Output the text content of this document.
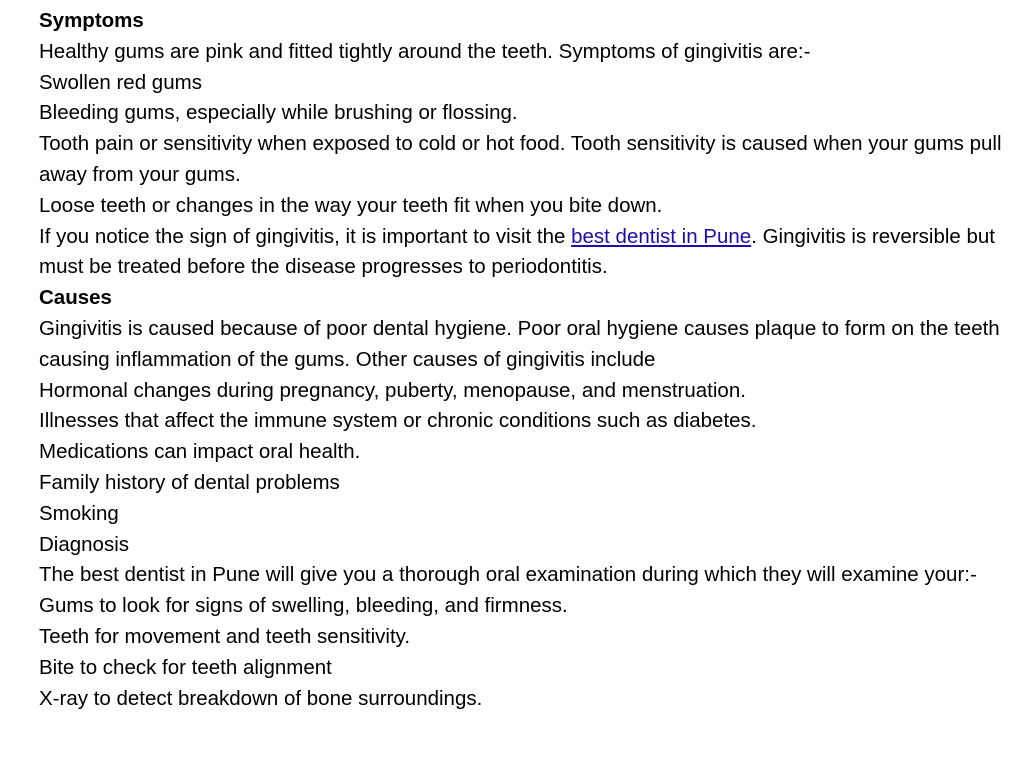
Symptoms
Healthy gums are pink and fitted tightly around the teeth. Symptoms of gingivitis are:-
Swollen red gums
Bleeding gums, especially while brushing or flossing.
Tooth pain or sensitivity when exposed to cold or hot food. Tooth sensitivity is caused when your gums pull away from your gums.
Loose teeth or changes in the way your teeth fit when you bite down.
If you notice the sign of gingivitis, it is important to visit the best dentist in Pune. Gingivitis is reversible but must be treated before the disease progresses to periodontitis.
Causes
Gingivitis is caused because of poor dental hygiene. Poor oral hygiene causes plaque to form on the teeth causing inflammation of the gums. Other causes of gingivitis include
Hormonal changes during pregnancy, puberty, menopause, and menstruation.
Illnesses that affect the immune system or chronic conditions such as diabetes.
Medications can impact oral health.
Family history of dental problems
Smoking
Diagnosis
The best dentist in Pune will give you a thorough oral examination during which they will examine your:-
Gums to look for signs of swelling, bleeding, and firmness.
Teeth for movement and teeth sensitivity.
Bite to check for teeth alignment
X-ray to detect breakdown of bone surroundings.
